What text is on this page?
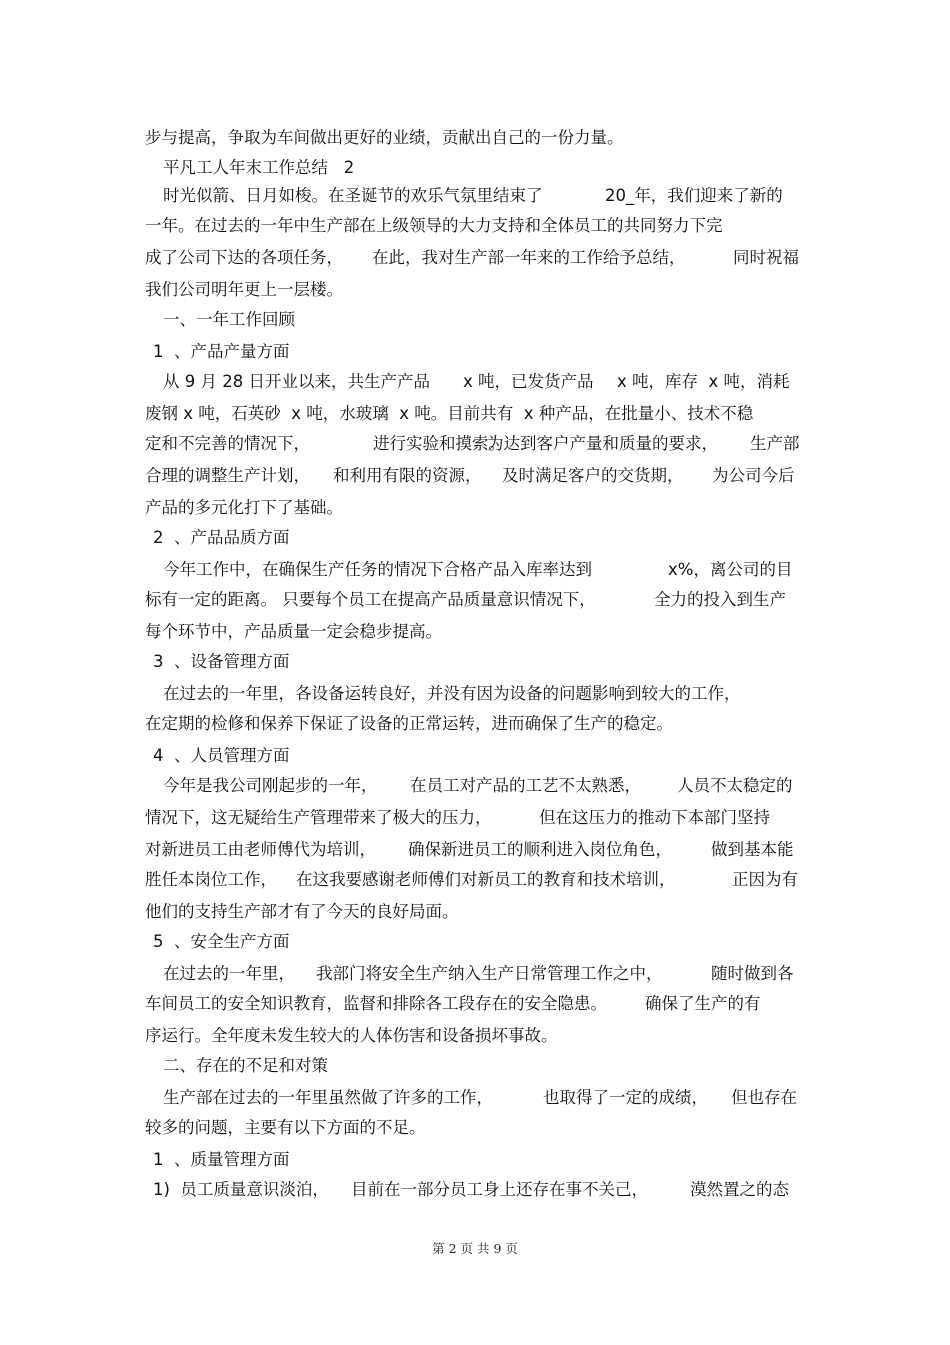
步与提高，争取为车间做出更好的业绩，贡献出自己的一份力量。
平凡工人年末工作总结   2
时光似箭、日月如梭。在圣诞节的欢乐气氛里结束了	20_年，我们迎来了新的
一年。在过去的一年中生产部在上级领导的大力支持和全体员工的共同努力下完
成了公司下达的各项任务， 在此，我对生产部一年来的工作给予总结，	同时祝福
我们公司明年更上一层楼。
一、一年工作回顾
1  、产品产量方面
从 9 月 28 日开业以来，共生产产品 x 吨，已发货产品 x 吨，库存  x 吨，消耗
废钢 x 吨，石英砂  x 吨，水玻璃  x 吨。目前共有  x 种产品，在批量小、技术不稳
定和不完善的情况下，	进行实验和摸索。
为达到客户产量和质量的要求， 生产部
合理的调整生产计划， 和利用有限的资源， 及时满足客户的交货期， 为公司今后
产品的多元化打下了基础。
2  、产品品质方面
今年工作中，在确保生产任务的情况下合格产品入库率达到	x%，离公司的目
标有一定的距离。 只要每个员工在提高产品质量意识情况下，	全力的投入到生产
每个环节中，产品质量一定会稳步提高。
3  、设备管理方面
在过去的一年里，各设备运转良好，并没有因为设备的问题影响到较大的工作，
在定期的检修和保养下保证了设备的正常运转，进而确保了生产的稳定。
4  、人员管理方面
今年是我公司刚起步的一年， 在员工对产品的工艺不太熟悉， 人员不太稳定的
情况下，这无疑给生产管理带来了极大的压力，	但在这压力的推动下本部门坚持
对新进员工由老师傅代为培训， 确保新进员工的顺利进入岗位角色， 做到基本能
胜任本岗位工作， 在这我要感谢老师傅们对新员工的教育和技术培训，	正因为有
他们的支持生产部才有了今天的良好局面。
5  、安全生产方面
在过去的一年里， 我部门将安全生产纳入生产日常管理工作之中，	随时做到各
车间员工的安全知识教育， 监督和排除各工段存在的安全隐患。 确保了生产的有
序运行。全年度未发生较大的人体伤害和设备损坏事故。
二、存在的不足和对策
生产部在过去的一年里虽然做了许多的工作，	也取得了一定的成绩， 但也存在
较多的问题，主要有以下方面的不足。
1  、质量管理方面
1)  员工质量意识淡泊， 目前在一部分员工身上还存在事不关己，	漠然置之的态
第 2 页 共 9 页
